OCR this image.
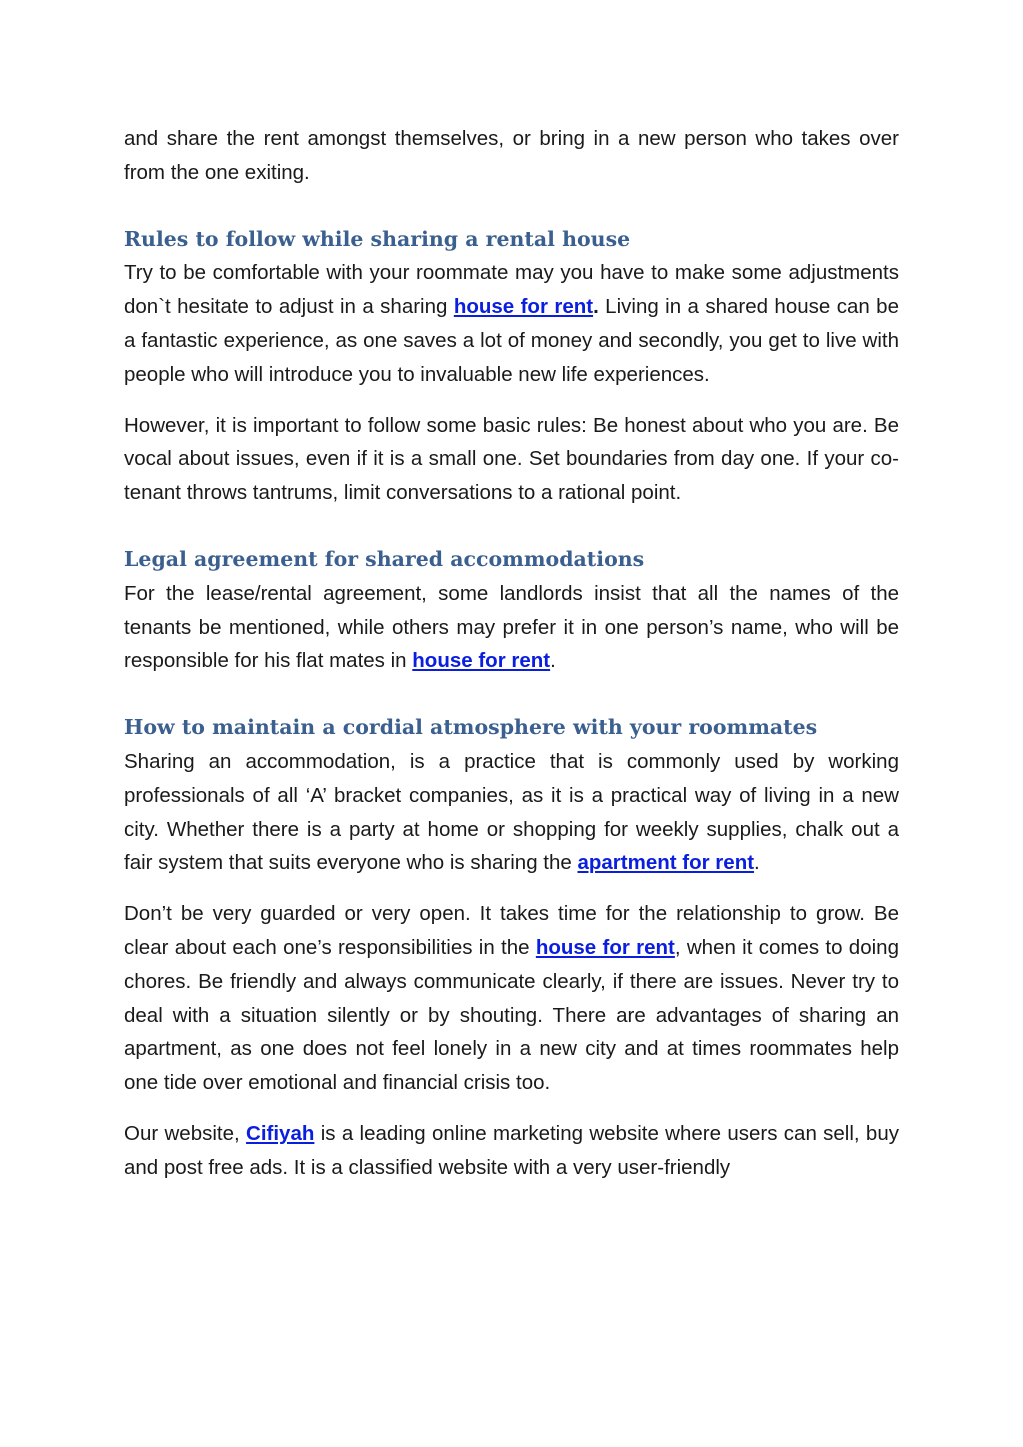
and share the rent amongst themselves, or bring in a new person who takes over from the one exiting.

Rules to follow while sharing a rental house

Try to be comfortable with your roommate may you have to make some adjustments don`t hesitate to adjust in a sharing house for rent. Living in a shared house can be a fantastic experience, as one saves a lot of money and secondly, you get to live with people who will introduce you to invaluable new life experiences.

However, it is important to follow some basic rules: Be honest about who you are. Be vocal about issues, even if it is a small one. Set boundaries from day one. If your co-tenant throws tantrums, limit conversations to a rational point.

Legal agreement for shared accommodations

For the lease/rental agreement, some landlords insist that all the names of the tenants be mentioned, while others may prefer it in one person’s name, who will be responsible for his flat mates in house for rent.

How to maintain a cordial atmosphere with your roommates

Sharing an accommodation, is a practice that is commonly used by working professionals of all ‘A’ bracket companies, as it is a practical way of living in a new city. Whether there is a party at home or shopping for weekly supplies, chalk out a fair system that suits everyone who is sharing the apartment for rent.

Don’t be very guarded or very open. It takes time for the relationship to grow. Be clear about each one’s responsibilities in the house for rent, when it comes to doing chores. Be friendly and always communicate clearly, if there are issues. Never try to deal with a situation silently or by shouting. There are advantages of sharing an apartment, as one does not feel lonely in a new city and at times roommates help one tide over emotional and financial crisis too.

Our website, Cifiyah is a leading online marketing website where users can sell, buy and post free ads. It is a classified website with a very user-friendly
